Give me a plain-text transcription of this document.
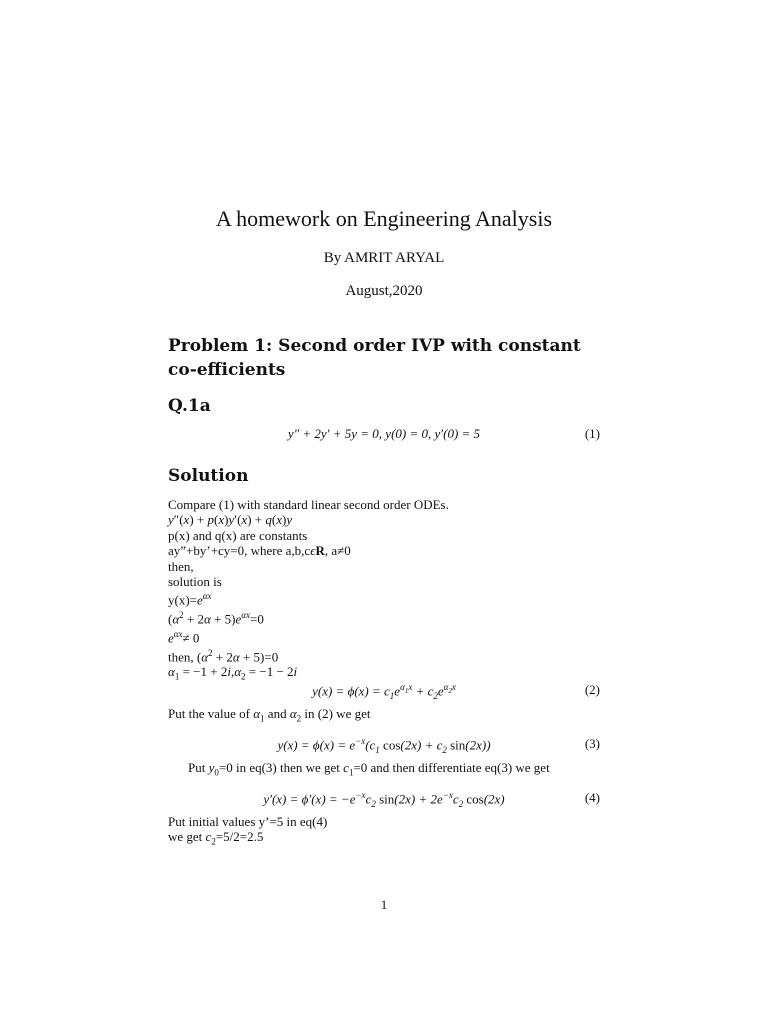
A homework on Engineering Analysis
By AMRIT ARYAL
August,2020
Problem 1: Second order IVP with constant co-efficients
Q.1a
y″ + 2y′ + 5y = 0, y(0) = 0, y′(0) = 5	(1)
Solution
Compare (1) with standard linear second order ODEs.
y″(x) + p(x)y′(x) + q(x)y
p(x) and q(x) are constants
ay”+by’+cy=0, where a,b,cϵR, a≠0
then,
solution is
$y(x)=e^{\alpha x}$
$(\alpha^2 + 2\alpha + 5)e^{\alpha x}=0$
$e^{\alpha x}\ne 0$
then, $(\alpha^2 + 2\alpha + 5)=0$
$\alpha_1 = -1 + 2i,\alpha_2 = -1 - 2i$
$y(x) = \phi(x) = c_1e^{\alpha_1x} + c_2e^{\alpha_2x}$	(2)
Put the value of $\alpha_1$ and $\alpha_2$ in (2) we get
$y(x) = \phi(x) = e^{-x}(c_1$ $\cos(2x) + c_2$ sin(2x))	(3)
Put $y_0=0$ in eq(3) then we get $c_1=0$ and then differentiate eq(3) we get
$y'(x) = \phi'(x) = -e^{-x}c_2$ $\sin(2x) + 2e^{-x}c_2$ cos(2x)	(4)
Put initial values y’=5 in eq(4)
we get $c_2=5/2=2.5$
1
